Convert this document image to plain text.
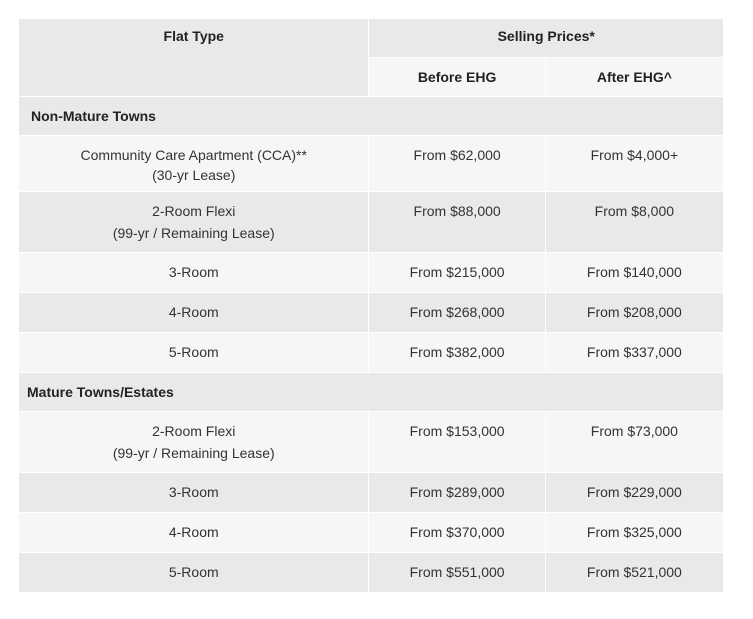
Flat Type	Selling Prices*	
	Before EHG	After EHG^
Non-Mature Towns		

Community Care Apartment (CCA)**
(30-yr Lease)	From $62,000	From $4,000+

2-Room Flexi
(99-yr / Remaining Lease)	From $88,000	From $8,000
3-Room	From $215,000	From $140,000
4-Room	From $268,000	From $208,000
5-Room	From $382,000	From $337,000
Mature Towns/Estates		

2-Room Flexi
(99-yr / Remaining Lease)	From $153,000	From $73,000
3-Room	From $289,000	From $229,000
4-Room	From $370,000	From $325,000
5-Room	From $551,000	From $521,000
